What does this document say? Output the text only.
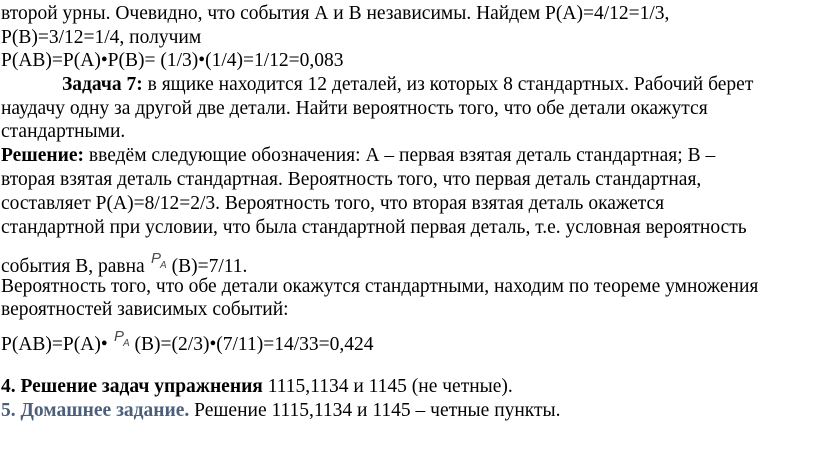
второй урны. Очевидно, что события А и В независимы. Найдем Р(А)=4/12=1/3,
Р(В)=3/12=1/4, получим
Р(АВ)=Р(А)•Р(В)= (1/3)•(1/4)=1/12=0,083
Задача 7: в ящике находится 12 деталей, из которых 8 стандартных. Рабочий берет
наудачу одну за другой две детали. Найти вероятность того, что обе детали окажутся
стандартными.
Решение: введём следующие обозначения: А – первая взятая деталь стандартная; В –
вторая взятая деталь стандартная. Вероятность того, что первая деталь стандартная,
составляет Р(А)=8/12=2/3. Вероятность того, что вторая взятая деталь окажется
стандартной при условии, что была стандартной первая деталь, т.е. условная вероятность
события В, равна P
A (В)=7/11.
Вероятность того, что обе детали окажутся стандартными, находим по теореме умножения
вероятностей зависимых событий:
Р(АВ)=Р(А)• P
A (В)=(2/3)•(7/11)=14/33=0,424
4. Решение задач упражнения 1115,1134 и 1145 (не четные).
5. Домашнее задание. Решение 1115,1134 и 1145 – четные пункты.
